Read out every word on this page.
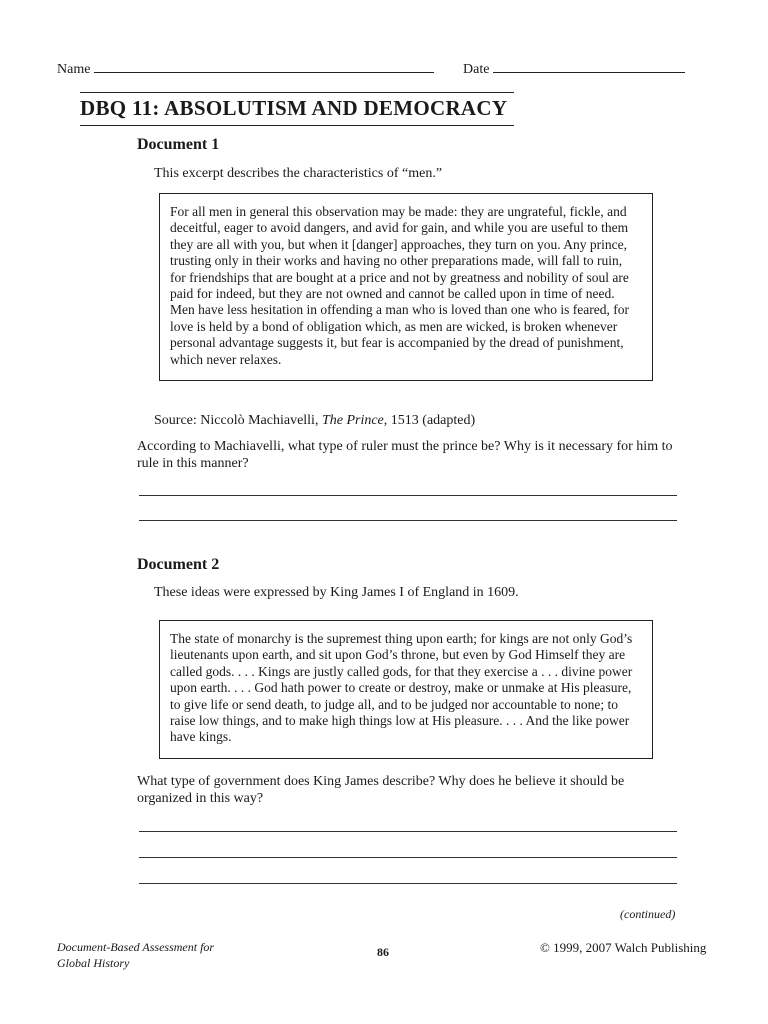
Name	Date
DBQ 11: ABSOLUTISM AND DEMOCRACY
Document 1

This excerpt describes the characteristics of “men.”

For all men in general this observation may be made: they are ungrateful, fickle, and deceitful, eager to avoid dangers, and avid for gain, and while you are useful to them they are all with you, but when it [danger] approaches, they turn on you. Any prince, trusting only in their works and having no other preparations made, will fall to ruin, for friendships that are bought at a price and not by greatness and nobility of soul are paid for indeed, but they are not owned and cannot be called upon in time of need. Men have less hesitation in offending a man who is loved than one who is feared, for love is held by a bond of obligation which, as men are wicked, is broken whenever personal advantage suggests it, but fear is accompanied by the dread of punishment, which never relaxes.

Source: Niccolò Machiavelli, The Prince, 1513 (adapted)

According to Machiavelli, what type of ruler must the prince be? Why is it necessary for him to rule in this manner?

Document 2

These ideas were expressed by King James I of England in 1609.

The state of monarchy is the supremest thing upon earth; for kings are not only God’s lieutenants upon earth, and sit upon God’s throne, but even by God Himself they are called gods. . . . Kings are justly called gods, for that they exercise a . . . divine power upon earth. . . . God hath power to create or destroy, make or unmake at His pleasure, to give life or send death, to judge all, and to be judged nor accountable to none; to raise low things, and to make high things low at His pleasure. . . . And the like power have kings.

What type of government does King James describe? Why does he believe it should be organized in this way?

(continued)
Document-Based Assessment for
Global History
86	© 1999, 2007 Walch Publishing
